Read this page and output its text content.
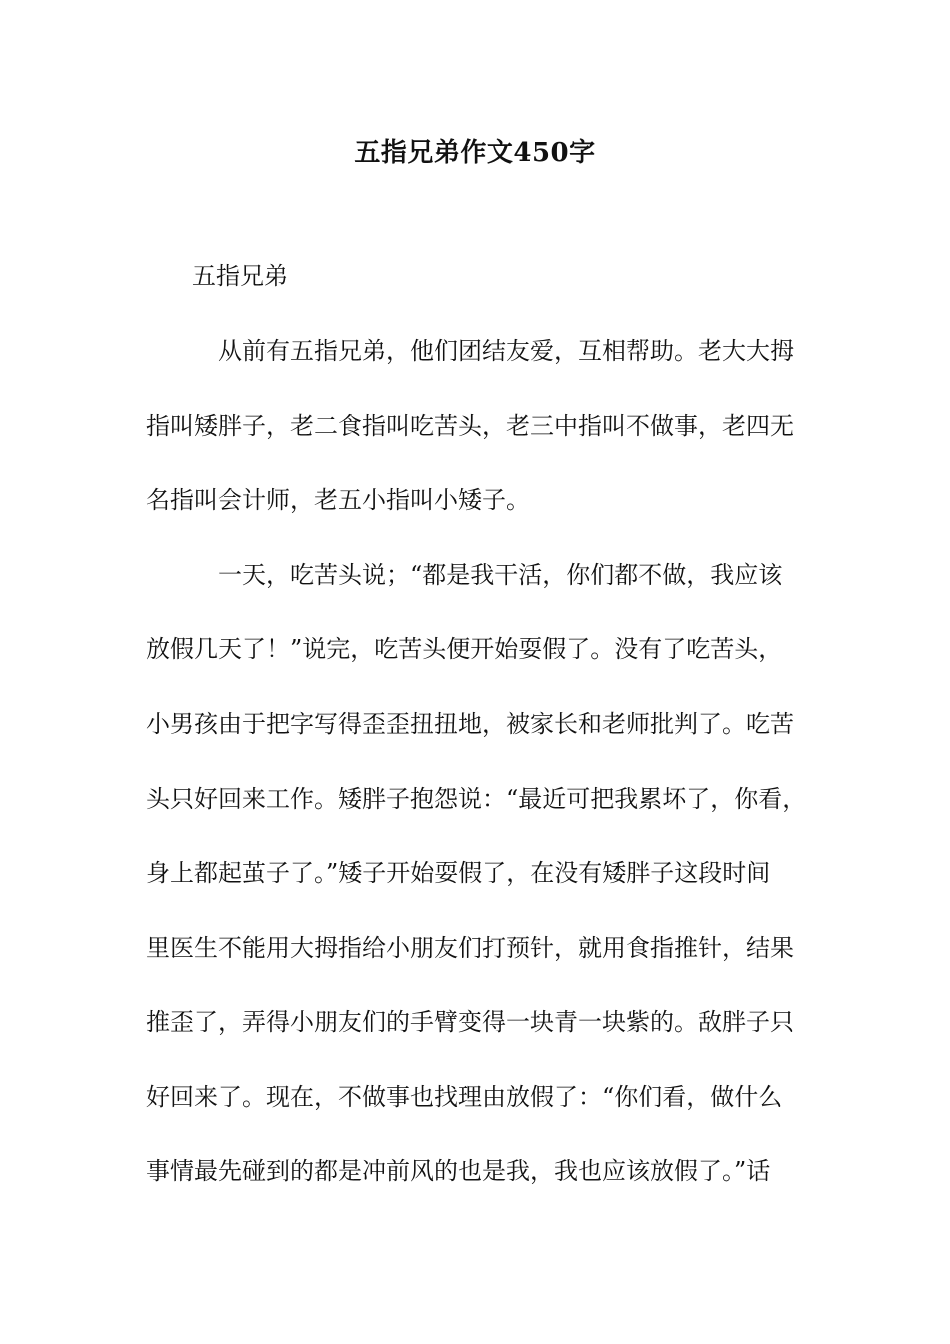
五指兄弟作文450字
五指兄弟
从前有五指兄弟，他们团结友爱，互相帮助。老大大拇
指叫矮胖子，老二食指叫吃苦头，老三中指叫不做事，老四无
名指叫会计师，老五小指叫小矮子。
一天，吃苦头说；“都是我干活，你们都不做，我应该
放假几天了！”说完，吃苦头便开始耍假了。没有了吃苦头，
小男孩由于把字写得歪歪扭扭地，被家长和老师批判了。吃苦
头只好回来工作。矮胖子抱怨说：“最近可把我累坏了，你看，
身上都起茧子了。”矮子开始耍假了，在没有矮胖子这段时间
里医生不能用大拇指给小朋友们打预针，就用食指推针，结果
推歪了，弄得小朋友们的手臂变得一块青一块紫的。敌胖子只
好回来了。现在，不做事也找理由放假了：“你们看，做什么
事情最先碰到的都是冲前风的也是我，我也应该放假了。”话
